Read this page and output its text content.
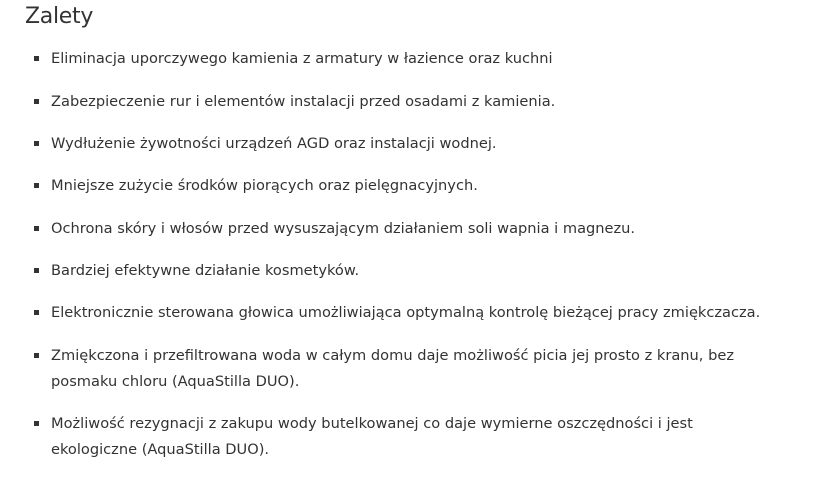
Zalety
Eliminacja uporczywego kamienia z armatury w łazience oraz kuchni
Zabezpieczenie rur i elementów instalacji przed osadami z kamienia.
Wydłużenie żywotności urządzeń AGD oraz instalacji wodnej.
Mniejsze zużycie środków piorących oraz pielęgnacyjnych.
Ochrona skóry i włosów przed wysuszającym działaniem soli wapnia i magnezu.
Bardziej efektywne działanie kosmetyków.
Elektronicznie sterowana głowica umożliwiająca optymalną kontrolę bieżącej pracy zmiękczacza.
Zmiękczona i przefiltrowana woda w całym domu daje możliwość picia jej prosto z kranu, bez
posmaku chloru (AquaStilla DUO).
Możliwość rezygnacji z zakupu wody butelkowanej co daje wymierne oszczędności i jest
ekologiczne (AquaStilla DUO).
